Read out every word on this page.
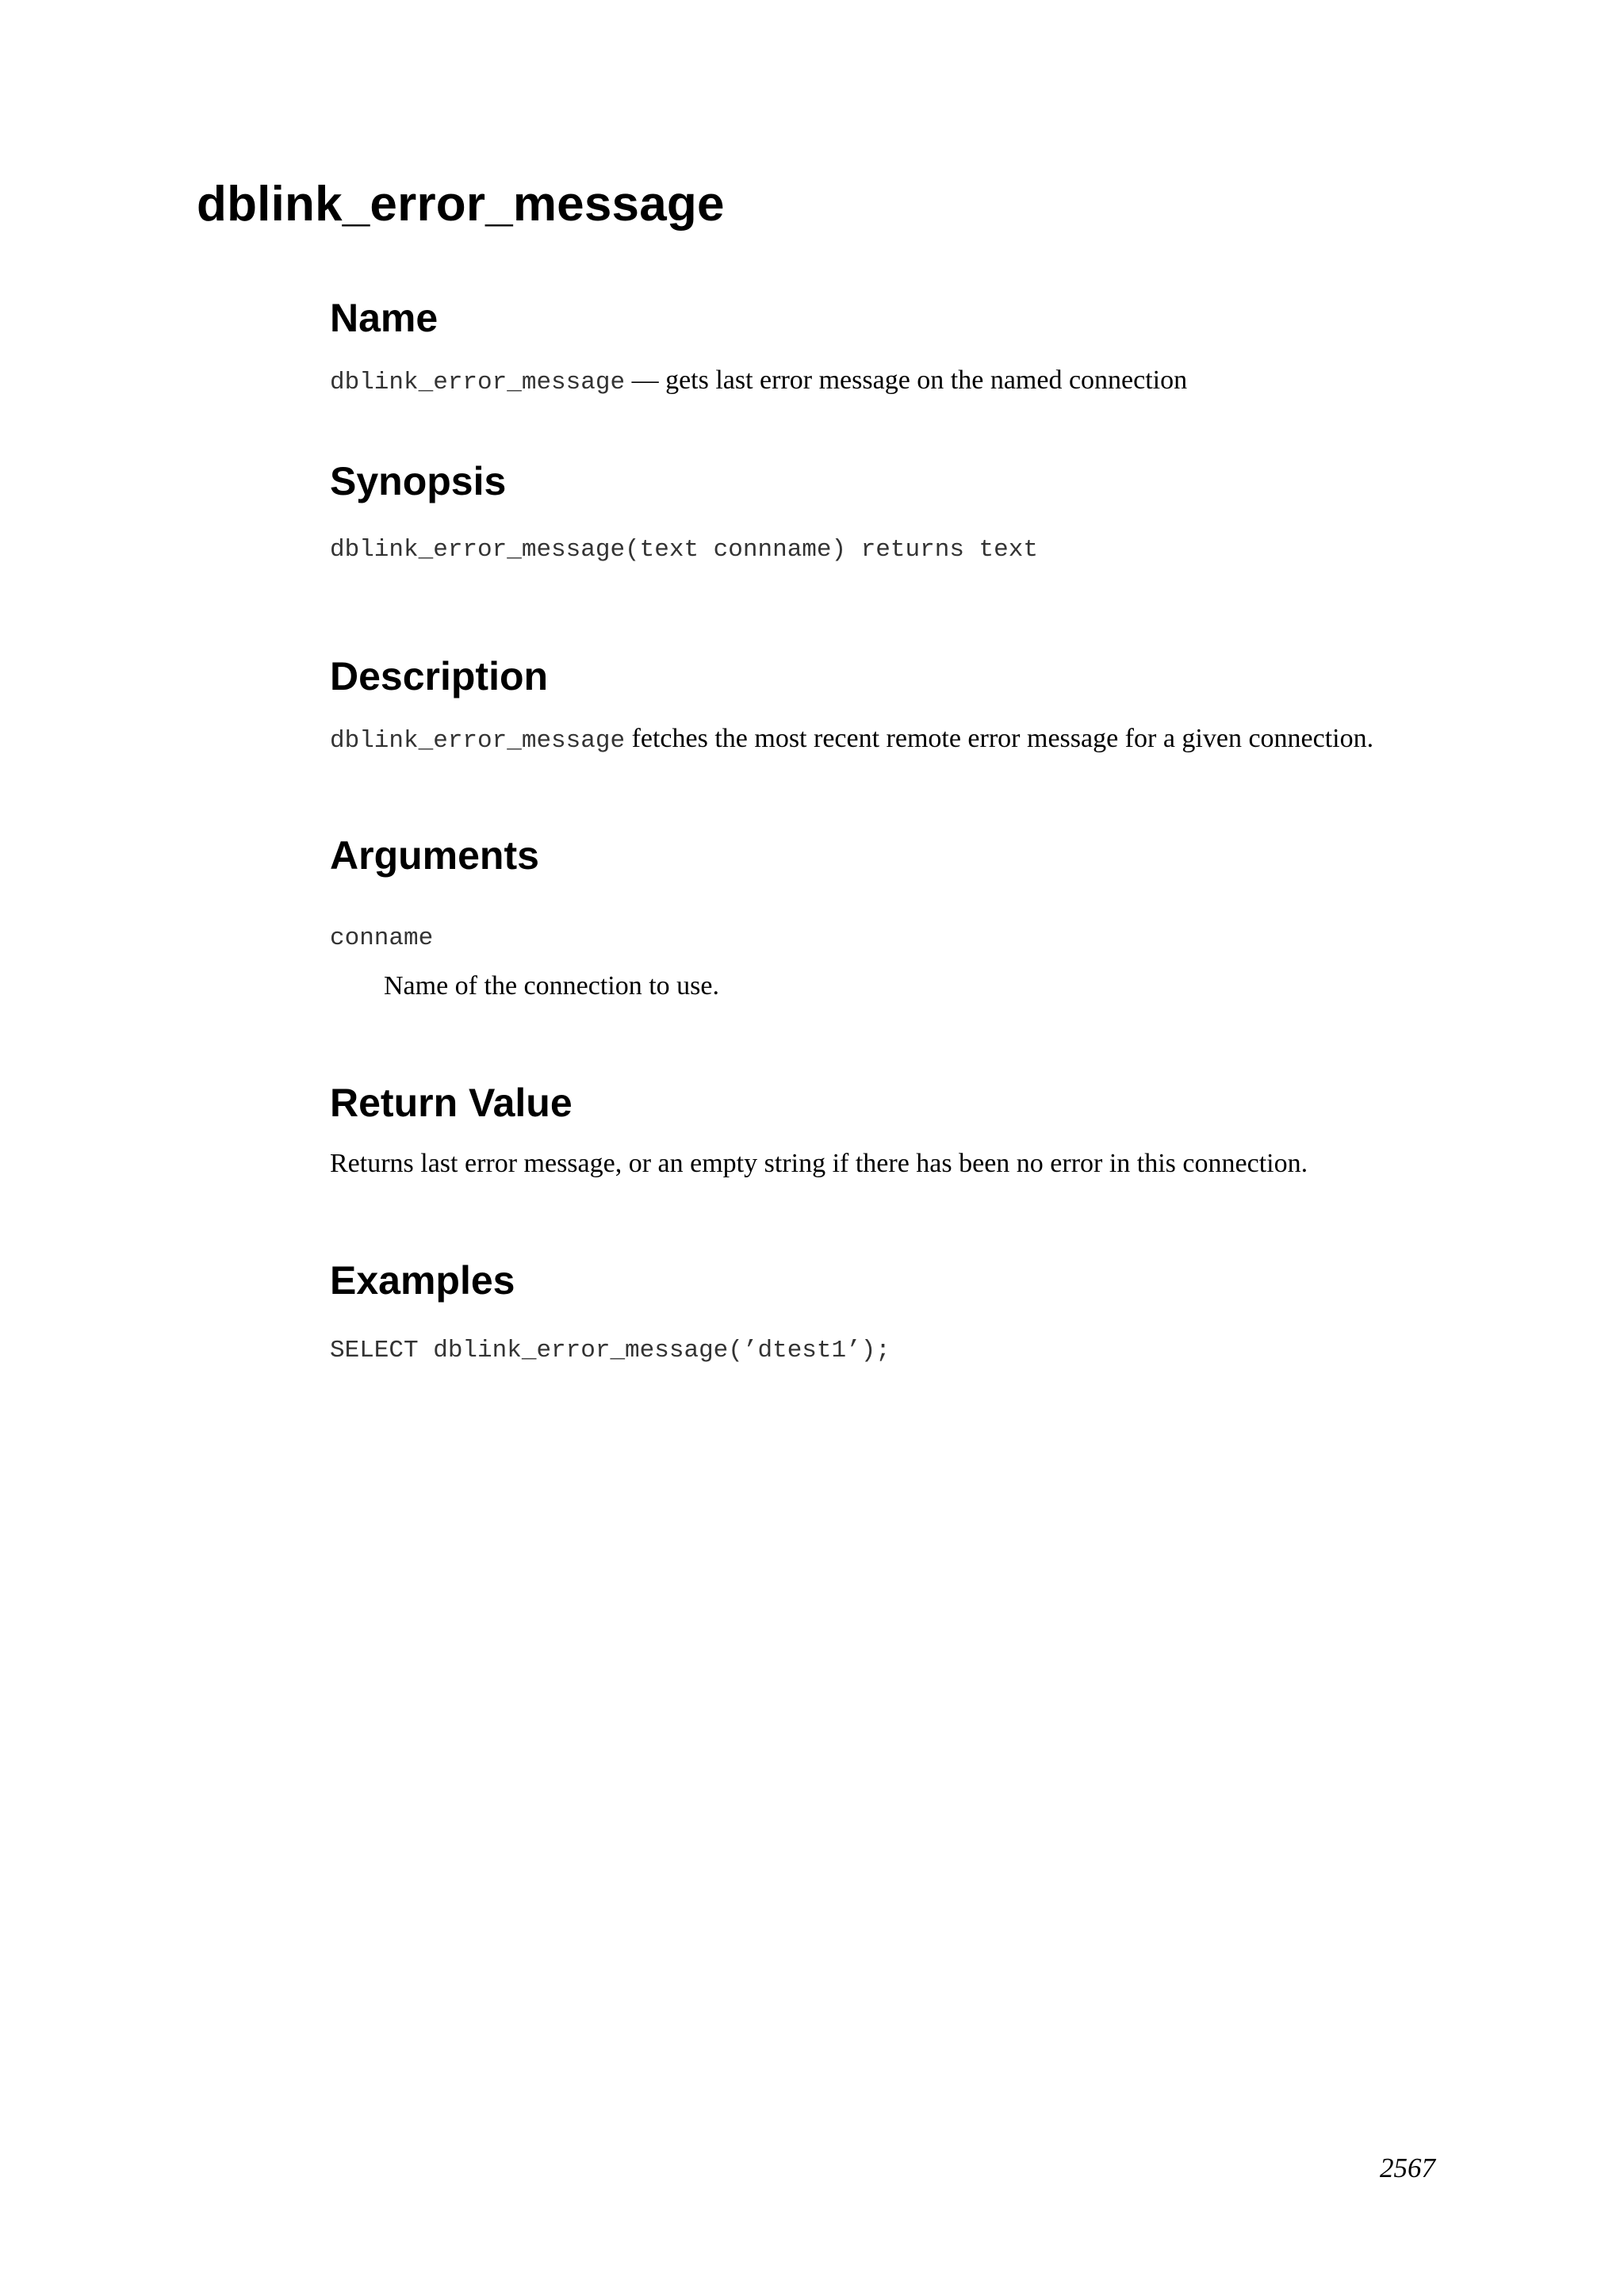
dblink_error_message
Name

dblink_error_message — gets last error message on the named connection

Synopsis

dblink_error_message(text connname) returns text

Description

dblink_error_message fetches the most recent remote error message for a given connection.

Arguments

conname

Name of the connection to use.

Return Value

Returns last error message, or an empty string if there has been no error in this connection.

Examples

SELECT dblink_error_message(’dtest1’);

2567
